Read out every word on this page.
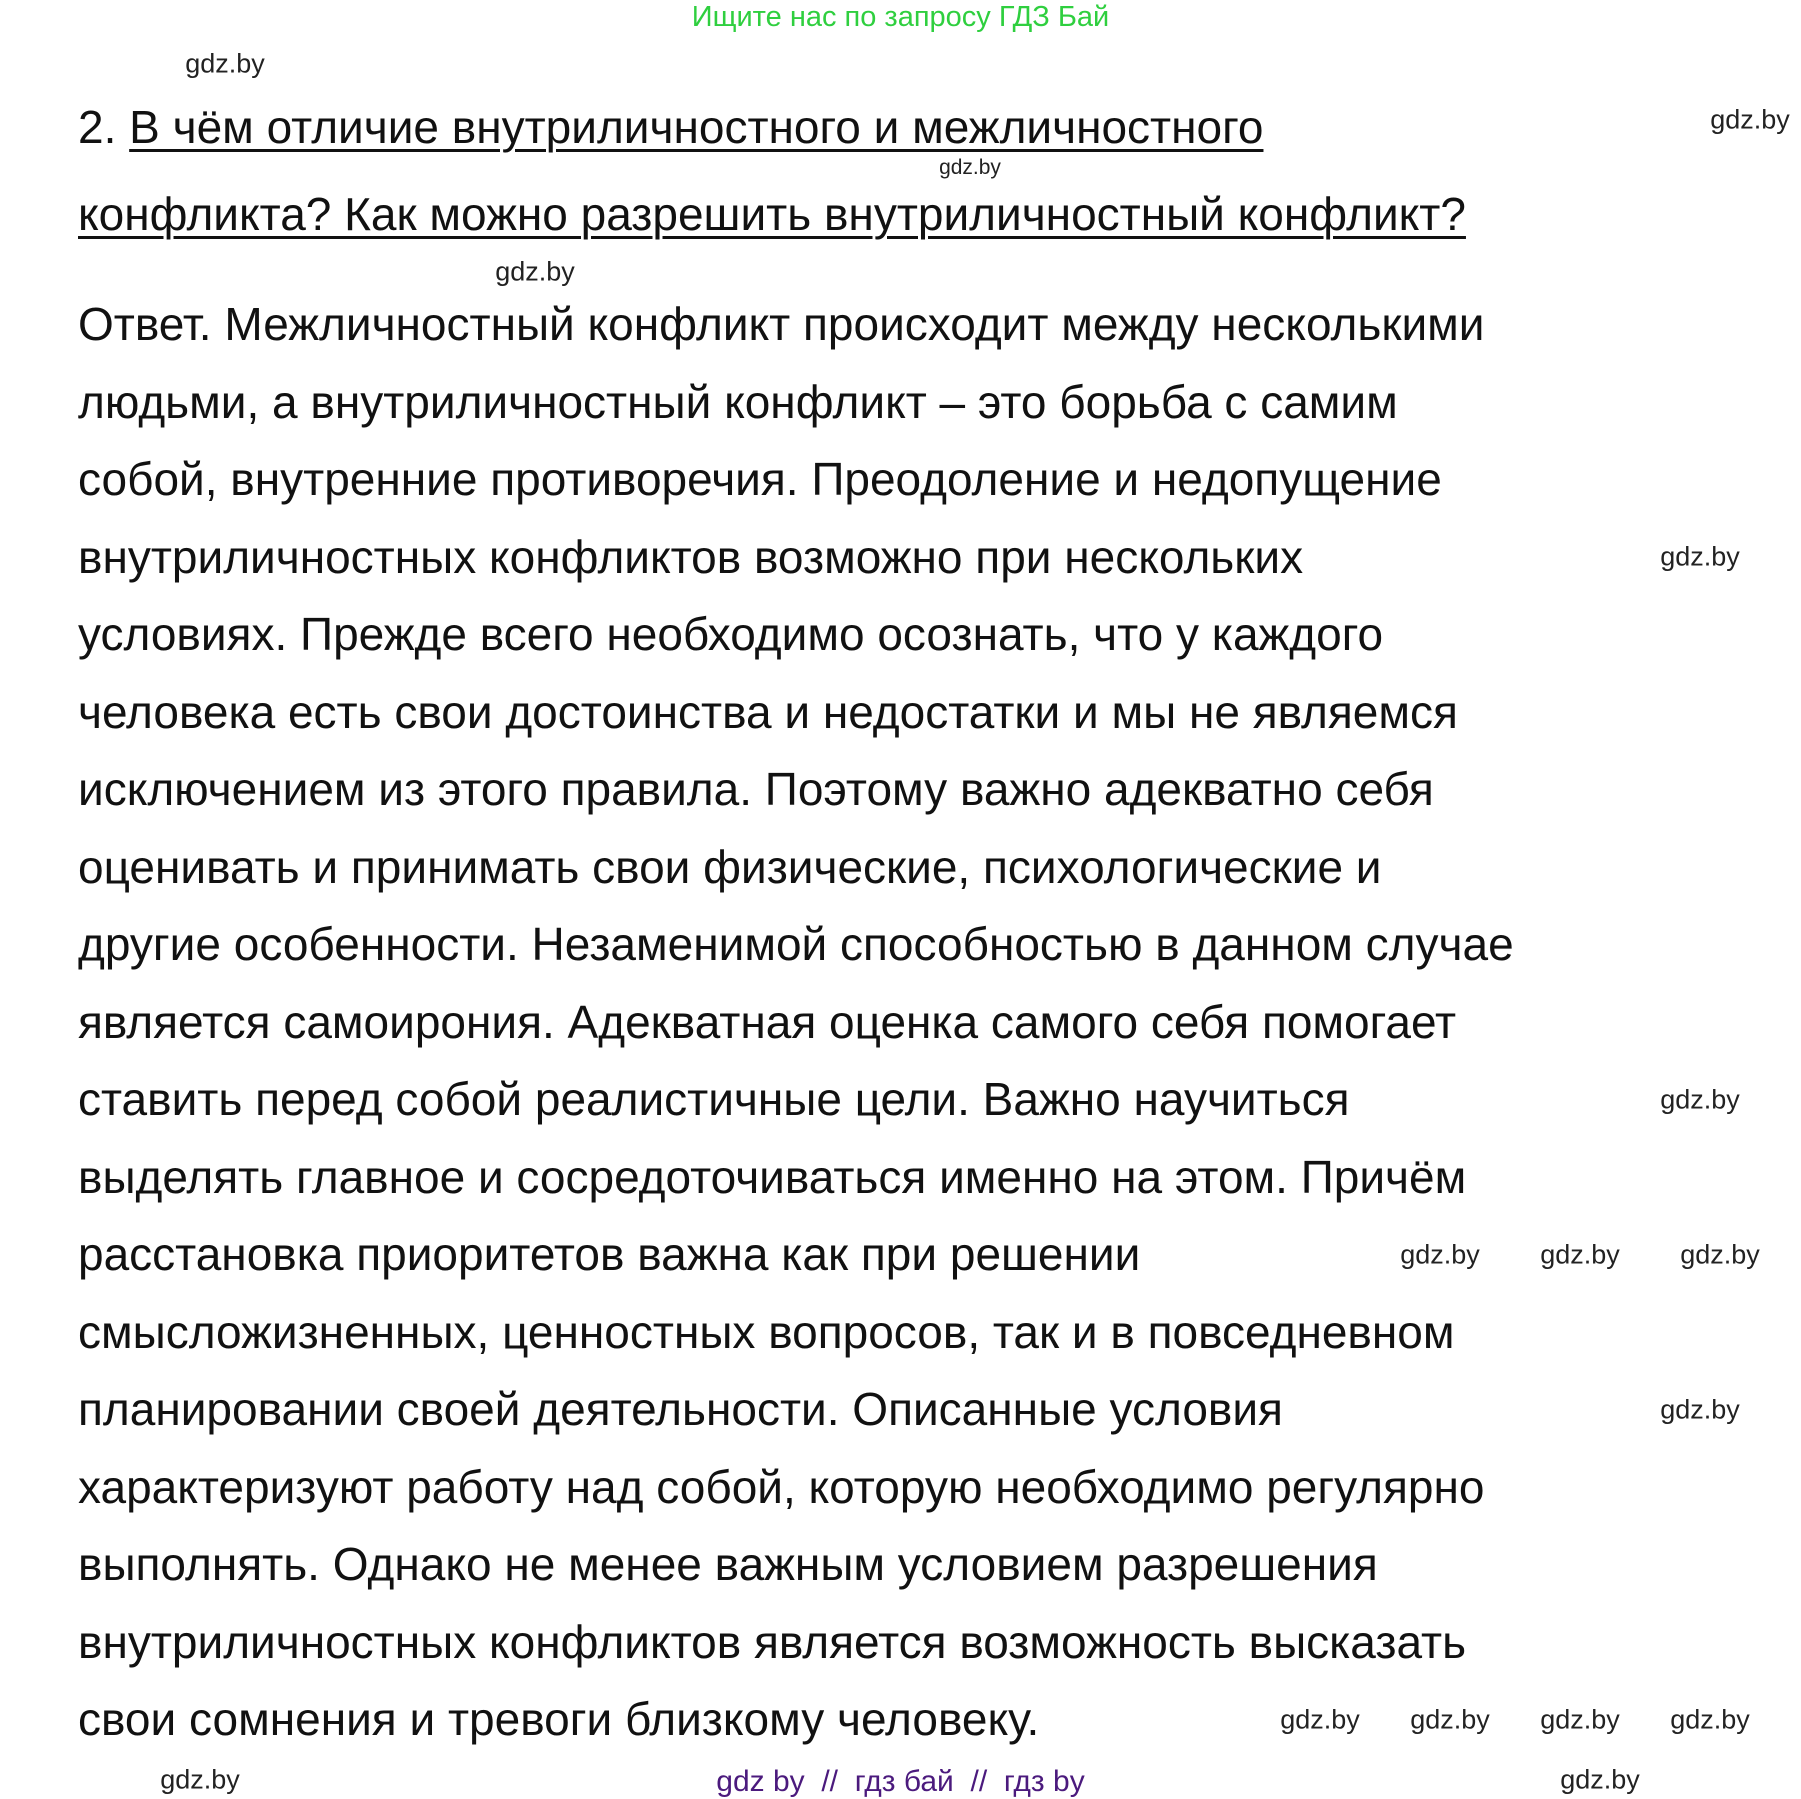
Ищите нас по запросу ГДЗ Бай
2. В чём отличие внутриличностного и межличностного
конфликта? Как можно разрешить внутриличностный конфликт?
Ответ. Межличностный конфликт происходит между несколькими
людьми, а внутриличностный конфликт – это борьба с самим
собой, внутренние противоречия. Преодоление и недопущение
внутриличностных конфликтов возможно при нескольких
условиях. Прежде всего необходимо осознать, что у каждого
человека есть свои достоинства и недостатки и мы не являемся
исключением из этого правила. Поэтому важно адекватно себя
оценивать и принимать свои физические, психологические и
другие особенности. Незаменимой способностью в данном случае
является самоирония. Адекватная оценка самого себя помогает
ставить перед собой реалистичные цели. Важно научиться
выделять главное и сосредоточиваться именно на этом. Причём
расстановка приоритетов важна как при решении
смысложизненных, ценностных вопросов, так и в повседневном
планировании своей деятельности. Описанные условия
характеризуют работу над собой, которую необходимо регулярно
выполнять. Однако не менее важным условием разрешения
внутриличностных конфликтов является возможность высказать
свои сомнения и тревоги близкому человеку.
gdz.by
gdz.by
gdz.by
gdz.by
gdz.by
gdz.by
gdz.by gdz.by gdz.by
gdz.by
gdz.by gdz.by gdz.by gdz.by
gdz.by	gdz.by
gdz by  //  гдз бай  //  гдз by
